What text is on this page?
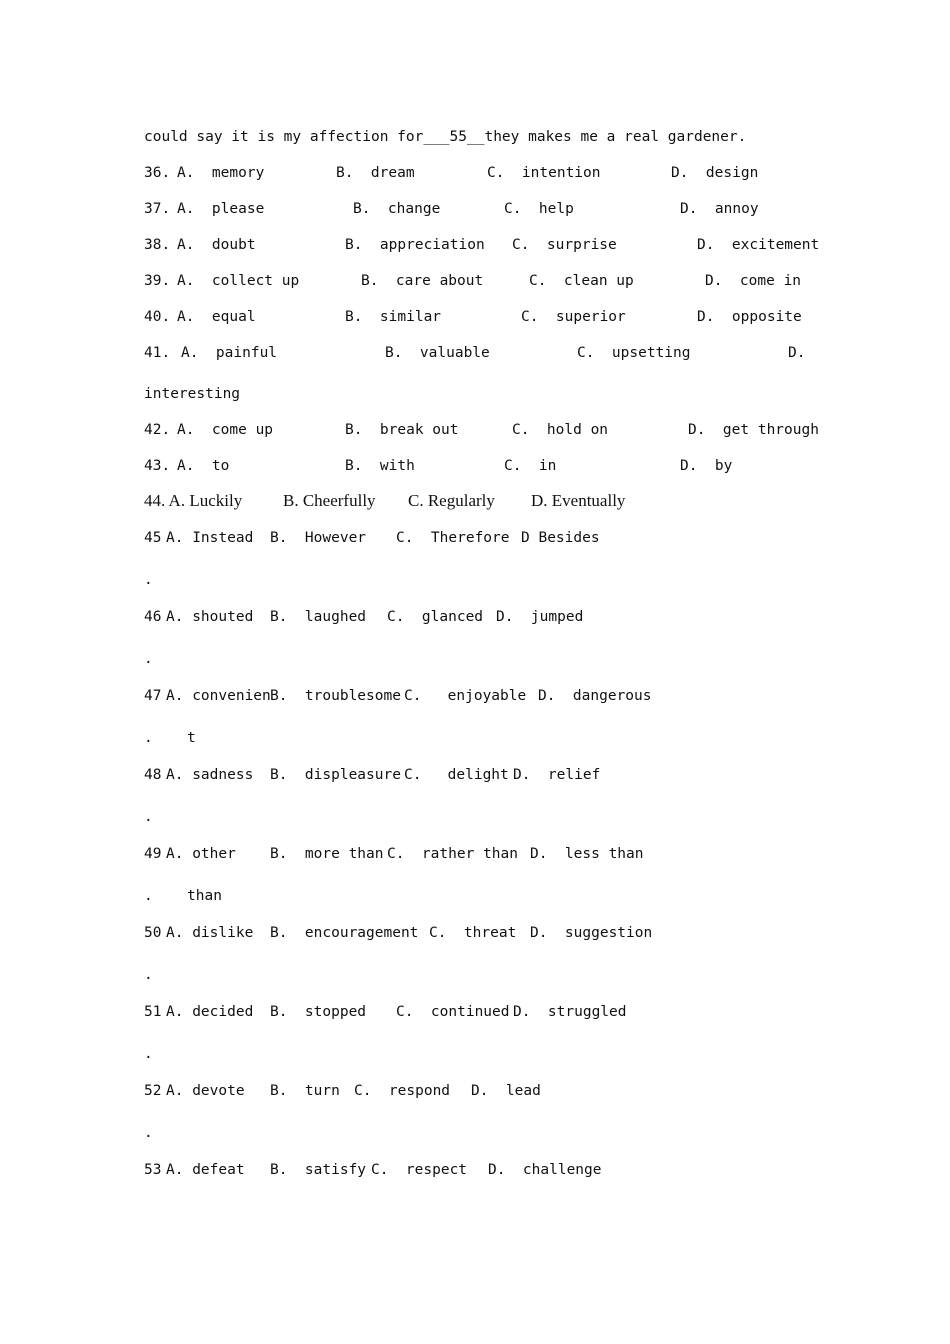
could say it is my affection for___55__they makes me a real gardener.

36.

A.  memory

	B.  dream

	C.  intention

	D.  design

37.

A.  please

	B.  change

	C.  help

	D.  annoy

38.

A.  doubt

	B.  appreciation

C.  surprise

	D.  excitement

39.

A.  collect up

	B.  care about

	C.  clean up

	D.  come in

40.

A.  equal

	B.  similar

	C.  superior

	D.  opposite

41.

A.  painful

	B.  valuable

	C.  upsetting

	D.

interesting

42.

A.  come up

	B.  break out

	C.  hold on

	D.  get through

43.

A.  to

	B.  with

	C.  in

	D.  by

44. A. Luckily

B. Cheerfully

C. Regularly

D. Eventually

45

A. Instead

B.  However

C.  Therefore

D Besides

.

46

A. shouted

B.  laughed

C.  glanced

D.  jumped

.

47

A. convenien

B.  troublesome

C.   enjoyable

D.  dangerous

.

t

48

A. sadness

B.  displeasure

C.   delight

D.  relief

.

49

A. other

B.  more than

C.  rather than

D.  less than

.

than

50

A. dislike

B.  encouragement

C.  threat

D.  suggestion

.

51

A. decided

B.  stopped

C.  continued

D.  struggled

.

52

A. devote

B.  turn

C.  respond

D.  lead

.

53

A. defeat

B.  satisfy

C.  respect

D.  challenge
